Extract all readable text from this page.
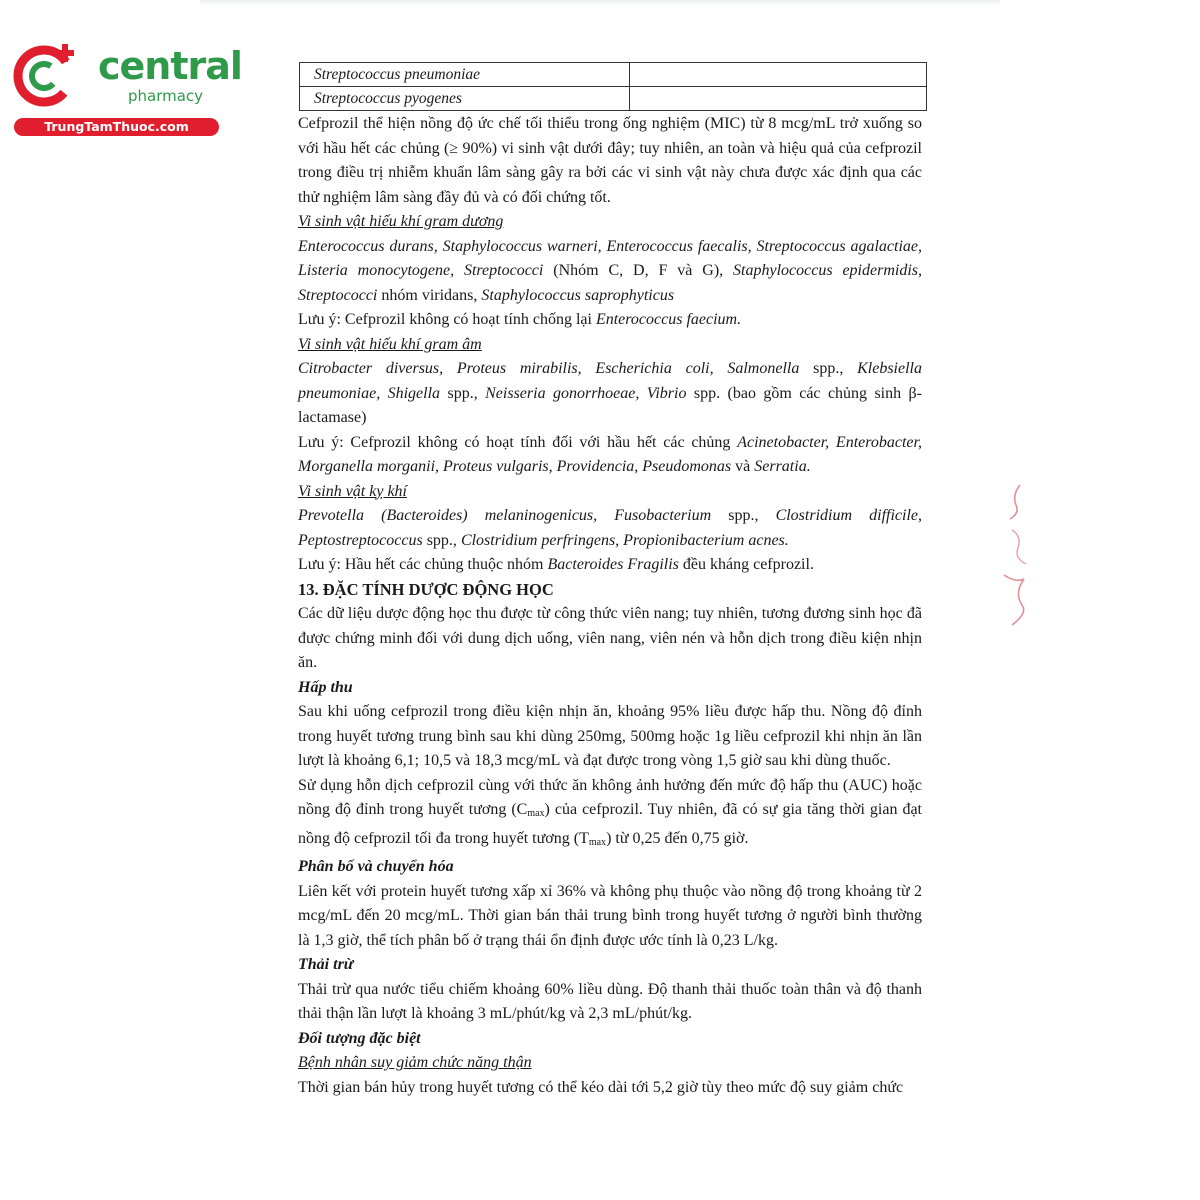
central
pharmacy
TrungTamThuoc.com
Streptococcus pneumoniae	
Streptococcus pyogenes	

Cefprozil thể hiện nồng độ ức chế tối thiểu trong ống nghiệm (MIC) từ 8 mcg/mL trở xuống so với hầu hết các chủng (≥ 90%) vi sinh vật dưới đây; tuy nhiên, an toàn và hiệu quả của cefprozil trong điều trị nhiễm khuẩn lâm sàng gây ra bởi các vi sinh vật này chưa được xác định qua các thử nghiệm lâm sàng đầy đủ và có đối chứng tốt.

Vi sinh vật hiếu khí gram dương

Enterococcus durans, Staphylococcus warneri, Enterococcus faecalis, Streptococcus agalactiae, Listeria monocytogene, Streptococci (Nhóm C, D, F và G), Staphylococcus epidermidis, Streptococci nhóm viridans, Staphylococcus saprophyticus

Lưu ý: Cefprozil không có hoạt tính chống lại Enterococcus faecium.

Vi sinh vật hiếu khí gram âm

Citrobacter diversus, Proteus mirabilis, Escherichia coli, Salmonella spp., Klebsiella pneumoniae, Shigella spp., Neisseria gonorrhoeae, Vibrio spp. (bao gồm các chủng sinh β-lactamase)

Lưu ý: Cefprozil không có hoạt tính đối với hầu hết các chủng Acinetobacter, Enterobacter, Morganella morganii, Proteus vulgaris, Providencia, Pseudomonas và Serratia.

Vi sinh vật kỵ khí

Prevotella (Bacteroides) melaninogenicus, Fusobacterium spp., Clostridium difficile, Peptostreptococcus spp., Clostridium perfringens, Propionibacterium acnes.

Lưu ý: Hầu hết các chủng thuộc nhóm Bacteroides Fragilis đều kháng cefprozil.

13. ĐẶC TÍNH DƯỢC ĐỘNG HỌC

Các dữ liệu dược động học thu được từ công thức viên nang; tuy nhiên, tương đương sinh học đã được chứng minh đối với dung dịch uống, viên nang, viên nén và hỗn dịch trong điều kiện nhịn ăn.

Hấp thu

Sau khi uống cefprozil trong điều kiện nhịn ăn, khoảng 95% liều được hấp thu. Nồng độ đỉnh trong huyết tương trung bình sau khi dùng 250mg, 500mg hoặc 1g liều cefprozil khi nhịn ăn lần lượt là khoảng 6,1; 10,5 và 18,3 mcg/mL và đạt được trong vòng 1,5 giờ sau khi dùng thuốc.

Sử dụng hỗn dịch cefprozil cùng với thức ăn không ảnh hưởng đến mức độ hấp thu (AUC) hoặc nồng độ đỉnh trong huyết tương (Cmax) của cefprozil. Tuy nhiên, đã có sự gia tăng thời gian đạt nồng độ cefprozil tối đa trong huyết tương (Tmax) từ 0,25 đến 0,75 giờ.

Phân bố và chuyển hóa

Liên kết với protein huyết tương xấp xỉ 36% và không phụ thuộc vào nồng độ trong khoảng từ 2 mcg/mL đến 20 mcg/mL. Thời gian bán thải trung bình trong huyết tương ở người bình thường là 1,3 giờ, thể tích phân bố ở trạng thái ổn định được ước tính là 0,23 L/kg.

Thải trừ

Thải trừ qua nước tiểu chiếm khoảng 60% liều dùng. Độ thanh thải thuốc toàn thân và độ thanh thải thận lần lượt là khoảng 3 mL/phút/kg và 2,3 mL/phút/kg.

Đối tượng đặc biệt

Bệnh nhân suy giảm chức năng thận

Thời gian bán hủy trong huyết tương có thể kéo dài tới 5,2 giờ tùy theo mức độ suy giảm chức
